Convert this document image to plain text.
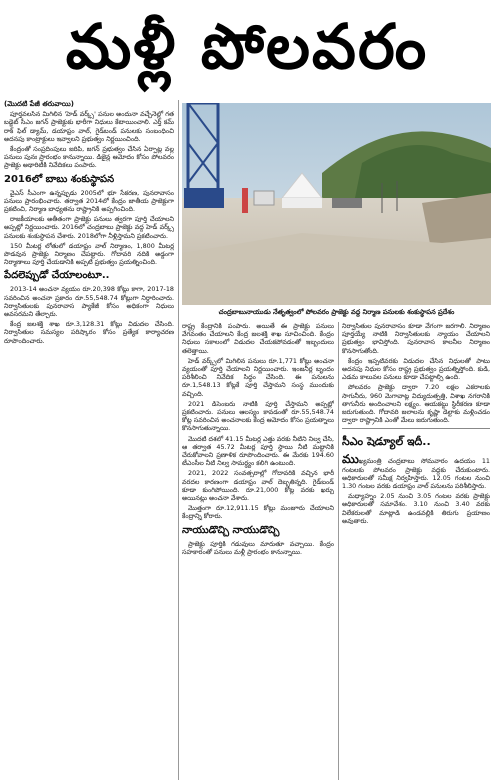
మళ్లీ పోలవరం
(మొదటి పేజీ తరువాయి)

పూర్తవలసిన మిగిలిన 'హెడ్ వర్క్స్' పనుల అందునా వచ్చేనెల్లో గత బడ్జెట్ సీఎం జగన్ ప్రాజెక్టుకు భారీగా నిధులు కేటాయించాలి. ఎర్త్ కమ్ రాక్ ఫిల్ డ్యామ్, డయాఫ్రం వాల్, గైడ్‌బండ్ పనులకు సంబంధించి అదనపు కాంట్రాక్టులు ఇవ్వాలని ప్రభుత్వం నిర్ణయించింది.

కేంద్రంతో సంప్రదింపులు జరిపి, జగన్ ప్రభుత్వం చేసిన ఏర్పాట్ల వల్ల పనులు పునః ప్రారంభం కానున్నాయి. డిజైన్ల ఆమోదం కోసం పోలవరం ప్రాజెక్టు అథారిటీకి నివేదికలు పంపారు.

2016లో బాబు శంకుస్థాపన

వైఎస్ సీఎంగా ఉన్నప్పుడు 2005లో భూ సేకరణ, పునరావాసం పనులు ప్రారంభించారు. తర్వాత 2014లో కేంద్రం జాతీయ ప్రాజెక్టుగా ప్రకటించి, నిర్మాణ బాధ్యతను రాష్ట్రానికి అప్పగించింది.

రాజకీయాలకు అతీతంగా ప్రాజెక్టు పనులు త్వరగా పూర్తి చేయాలని అప్పట్లో నిర్ణయించారు. 2016లో చంద్రబాబు ప్రాజెక్టు వద్ద హెడ్ వర్క్స్ పనులకు శంకుస్థాపన చేశారు. 2018లోగా నీళ్లిస్తామని ప్రకటించారు.

150 మీటర్ల లోతులో డయాఫ్రం వాల్ నిర్మాణం, 1,800 మీటర్ల పొడవున ప్రాజెక్టు నిర్మాణం చేపట్టారు. గోదావరి నదికి అడ్డంగా నిర్మాణాలు పూర్తి చేయడానికి అప్పటి ప్రభుత్వం ప్రయత్నించింది.

పేదలెప్పుడో చేయాలంటూ..

2013-14 అంచనా వ్యయం రూ.20,398 కోట్లు కాగా, 2017-18 సవరించిన అంచనా ప్రకారం రూ.55,548.74 కోట్లుగా నిర్ధారించారు. నిర్వాసితులకు పునరావాస ప్యాకేజీ కోసం అధికంగా నిధులు అవసరమని తేల్చారు.

కేంద్ర జలశక్తి శాఖ రూ.3,128.31 కోట్లు విడుదల చేసింది. నిర్వాసితుల సమస్యల పరిష్కారం కోసం ప్రత్యేక కార్యాచరణ రూపొందించారు.

చంద్రబాబునాయుడు నేతృత్వంలో పోలవరం ప్రాజెక్టు వద్ద నిర్మాణ పనులకు శంకుస్థాపన ప్రదేశం

రాష్ట్ర కేంద్రానికి పంపారు. అయితే ఈ ప్రాజెక్టు పనులు వేగవంతం చేయాలని కేంద్ర జలశక్తి శాఖ సూచించింది. కేంద్రం నిధులు సకాలంలో విడుదల చేయకపోవడంతో ఇబ్బందులు తలెత్తాయి.

హెడ్ వర్క్స్‌లో మిగిలిన పనులు రూ.1,771 కోట్లు అంచనా వ్యయంతో పూర్తి చేయాలని నిర్ణయించారు. ఇంజనీర్ల బృందం పరిశీలించి నివేదిక సిద్ధం చేసింది. ఈ పనులను రూ.1,548.13 కోట్లకే పూర్తి చేస్తామని సంస్థ ముందుకు వచ్చింది.

2021 డిసెంబరు నాటికి పూర్తి చేస్తామని అప్పట్లో ప్రకటించారు. పనులు ఆలస్యం కావడంతో రూ.55,548.74 కోట్ల సవరించిన అంచనాలకు కేంద్ర ఆమోదం కోసం ప్రయత్నాలు కొనసాగుతున్నాయి.

మొదటి దశలో 41.15 మీటర్ల ఎత్తు వరకు నీటిని నిల్వ చేసి, ఆ తర్వాత 45.72 మీటర్ల పూర్తి స్థాయి నీటి మట్టానికి చేరుకోవాలని ప్రణాళిక రూపొందించారు. ఈ మేరకు 194.60 టీఎంసీల నీటి నిల్వ సామర్థ్యం కలిగి ఉంటుంది.

2021, 2022 సంవత్సరాల్లో గోదావరికి వచ్చిన భారీ వరదల కారణంగా డయాఫ్రం వాల్ దెబ్బతిన్నది. గైడ్‌బండ్ కూడా కుంగిపోయింది. రూ.21,000 కోట్ల వరకు ఖర్చు అయినట్లు అంచనా వేశారు.

మొత్తంగా రూ.12,911.15 కోట్లు మంజూరు చేయాలని కేంద్రాన్ని కోరారు.

నాయుడొచ్చి నాయుడొచ్చి

ప్రాజెక్టు పూర్తికి గడువులు మారుతూ వచ్చాయి. కేంద్రం సహకారంతో పనులు మళ్లీ ప్రారంభం కానున్నాయి.

నిర్వాసితుల పునరావాసం కూడా వేగంగా జరగాలి. నిర్మాణం పూర్తయ్యే నాటికి నిర్వాసితులకు న్యాయం చేయాలని ప్రభుత్వం భావిస్తోంది. పునరావాస కాలనీల నిర్మాణం కొనసాగుతోంది.

కేంద్రం ఇప్పటివరకు విడుదల చేసిన నిధులతో పాటు అదనపు నిధుల కోసం రాష్ట్ర ప్రభుత్వం ప్రయత్నిస్తోంది. కుడి, ఎడమ కాలువల పనులు కూడా చేపట్టాల్సి ఉంది.

పోలవరం ప్రాజెక్టు ద్వారా 7.20 లక్షల ఎకరాలకు సాగునీరు, 960 మెగావాట్ల విద్యుదుత్పత్తి, విశాఖ నగరానికి తాగునీరు అందించాలని లక్ష్యం. ఆయకట్టు స్థిరీకరణ కూడా జరుగుతుంది. గోదావరి జలాలను కృష్ణా డెల్టాకు మళ్లించడం ద్వారా రాష్ట్రానికి ఎంతో మేలు జరుగుతుంది.

సీఎం షెడ్యూల్ ఇదీ..

ముఖ్యమంత్రి చంద్రబాబు సోమవారం ఉదయం 11 గంటలకు పోలవరం ప్రాజెక్టు వద్దకు చేరుకుంటారు. అధికారులతో సమీక్ష నిర్వహిస్తారు. 12.05 గంటల నుంచి 1.30 గంటల వరకు డయాఫ్రం వాల్ పనులను పరిశీలిస్తారు.

మధ్యాహ్నం 2.05 నుంచి 3.05 గంటల వరకు ప్రాజెక్టు అధికారులతో సమావేశం. 3.10 నుంచి 3.40 వరకు విలేకరులతో మాట్లాడి ఉండవల్లికి తిరుగు ప్రయాణం అవుతారు.
